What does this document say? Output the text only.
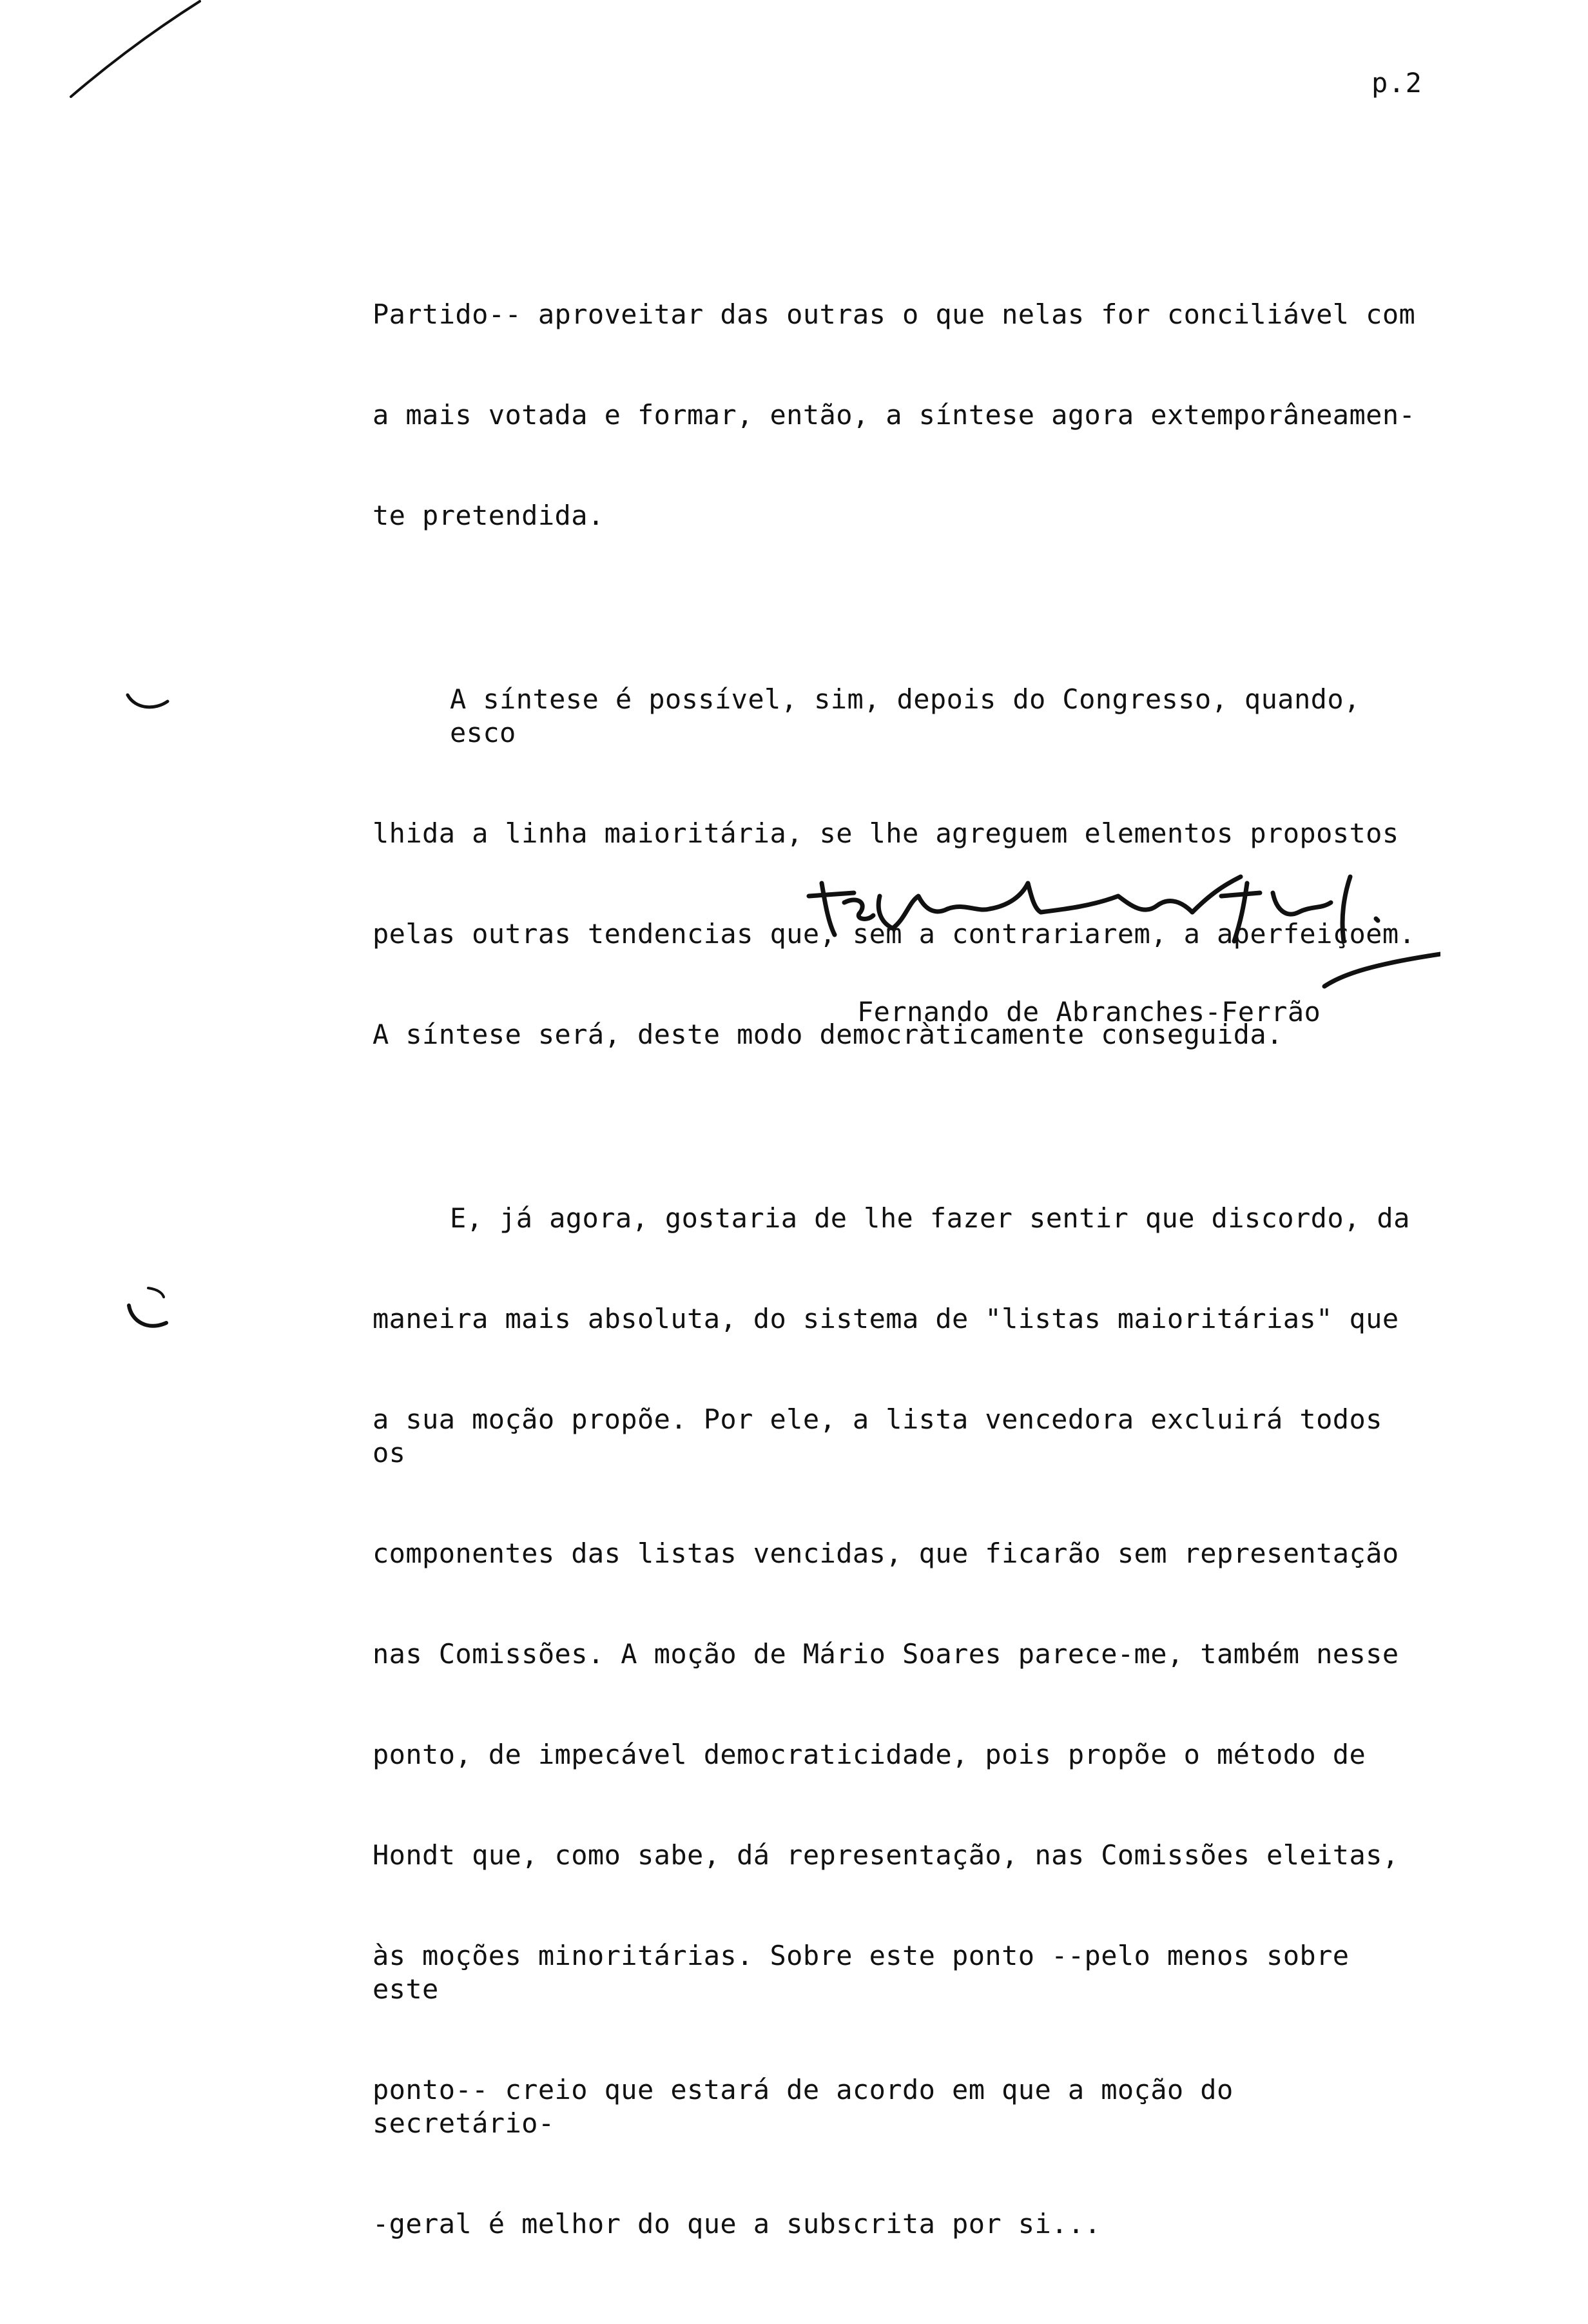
p.2

Partido-- aproveitar das outras o que nelas for conciliável com

a mais votada e formar, então, a síntese agora extemporâneamen-

te pretendida.

A síntese é possível, sim, depois do Congresso, quando, esco

lhida a linha maioritária, se lhe agreguem elementos propostos

pelas outras tendencias que, sem a contrariarem, a aperfeiçoem.

A síntese será, deste modo democràticamente conseguida.

E, já agora, gostaria de lhe fazer sentir que discordo, da

maneira mais absoluta, do sistema de "listas maioritárias" que

a sua moção propõe. Por ele, a lista vencedora excluirá todos os

componentes das listas vencidas, que ficarão sem representação

nas Comissões. A moção de Mário Soares parece-me, também nesse

ponto, de impecável democraticidade, pois propõe o método de

Hondt que, como sabe, dá representação, nas Comissões eleitas,

às moções minoritárias. Sobre este ponto --pelo menos sobre este

ponto-- creio que estará de acordo em que a moção do secretário-

-geral é melhor do que a subscrita por si...

Fernando de Abranches-Ferrão
